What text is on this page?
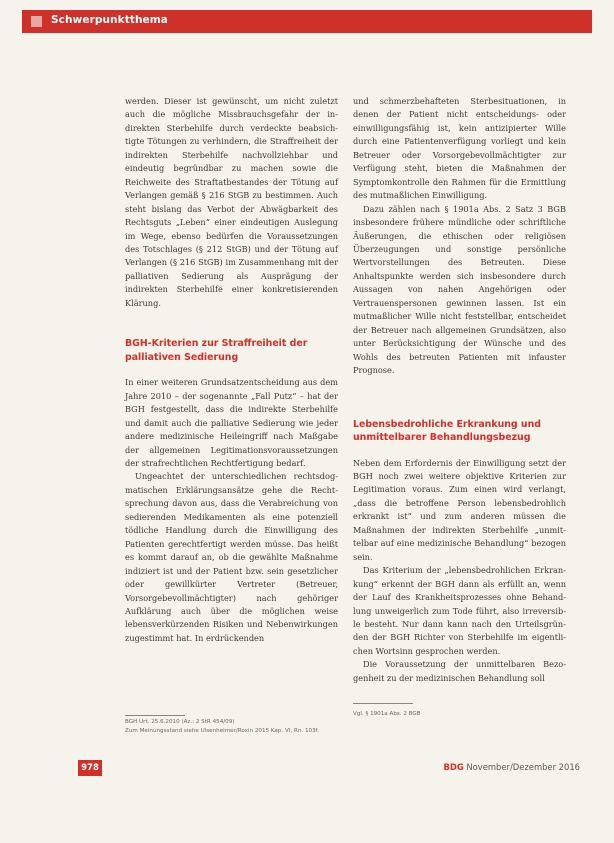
Schwerpunktthema

werden. Dieser ist gewünscht, um nicht zuletzt auch die mögliche Missbrauchsgefahr der indirekten Sterbehilfe durch verdeckte beabsichtigte Tötungen zu verhindern, die Straffreiheit der indirekten Sterbehilfe nachvollziehbar und eindeutig begründbar zu machen sowie die Reichweite des Straftatbestandes der Tötung auf Verlangen gemäß § 216 StGB zu bestimmen. Auch steht bislang das Verbot der Abwägbarkeit des Rechtsguts „Leben“ einer eindeutigen Auslegung im Wege, ebenso bedürfen die Voraussetzungen des Totschlages (§ 212 StGB) und der Tötung auf Verlangen (§ 216 StGB) im Zusammenhang mit der palliativen Sedierung als Ausprägung der indirekten Sterbehilfe einer konkretisierenden Klärung.

BGH-Kriterien zur Straffreiheit der palliativen Sedierung

In einer weiteren Grundsatzentscheidung aus dem Jahre 2010 – der sogenannte „Fall Putz“ – hat der BGH festgestellt, dass die indirekte Sterbehilfe und damit auch die palliative Sedierung wie jeder andere medizinische Heileingriff nach Maßgabe der allgemeinen Legitimationsvoraussetzungen der strafrechtlichen Rechtfertigung bedarf.

Ungeachtet der unterschiedlichen rechtsdogmatischen Erklärungsansätze gehe die Rechtsprechung davon aus, dass die Verabreichung von sedierenden Medikamenten als eine potenziell tödliche Handlung durch die Einwilligung des Patienten gerechtfertigt werden müsse. Das heißt es kommt darauf an, ob die gewählte Maßnahme indiziert ist und der Patient bzw. sein gesetzlicher oder gewillkürter Vertreter (Betreuer, Vorsorgebevollmächtigter) nach gehöriger Aufklärung auch über die möglichen weise lebensverkürzenden Risiken und Nebenwirkungen zugestimmt hat. In erdrückenden

BGH Urt. 25.6.2010 (Az.: 2 StR 454/09)
Zum Meinungsstand siehe Ulsenheimer/Roxin 2015 Kap. VI, Rn. 103f.

und schmerzbehafteten Sterbesituationen, in denen der Patient nicht entscheidungs- oder einwilligungsfähig ist, kein antizipierter Wille durch eine Patientenverfügung vorliegt und kein Betreuer oder Vorsorgebevollmächtigter zur Verfügung steht, bieten die Maßnahmen der Symptomkontrolle den Rahmen für die Ermittlung des mutmaßlichen Einwilligung.

Dazu zählen nach § 1901a Abs. 2 Satz 3 BGB insbesondere frühere mündliche oder schriftliche Äußerungen, die ethischen oder religiösen Überzeugungen und sonstige persönliche Wertvorstellungen des Betreuten. Diese Anhaltspunkte werden sich insbesondere durch Aussagen von nahen Angehörigen oder Vertrauenspersonen gewinnen lassen. Ist ein mutmaßlicher Wille nicht feststellbar, entscheidet der Betreuer nach allgemeinen Grundsätzen, also unter Berücksichtigung der Wünsche und des Wohls des betreuten Patienten mit infauster Prognose.

Lebensbedrohliche Erkrankung und unmittelbarer Behandlungsbezug

Neben dem Erfordernis der Einwilligung setzt der BGH noch zwei weitere objektive Kriterien zur Legitimation voraus. Zum einen wird verlangt, „dass die betroffene Person lebensbedrohlich erkrankt ist“ und zum anderen müssen die Maßnahmen der indirekten Sterbehilfe „unmittelbar auf eine medizinische Behandlung“ bezogen sein.

Das Kriterium der „lebensbedrohlichen Erkrankung“ erkennt der BGH dann als erfüllt an, wenn der Lauf des Krankheitsprozesses ohne Behandlung unweigerlich zum Tode führt, also irreversible besteht. Nur dann kann nach den Urteilsgründen der BGH Richter von Sterbehilfe im eigentlichen Wortsinn gesprochen werden.

Die Voraussetzung der unmittelbaren Bezogenheit zu der medizinischen Behandlung soll

Vgl. § 1901a Abs. 2 BGB
978	BDG November/Dezember 2016
